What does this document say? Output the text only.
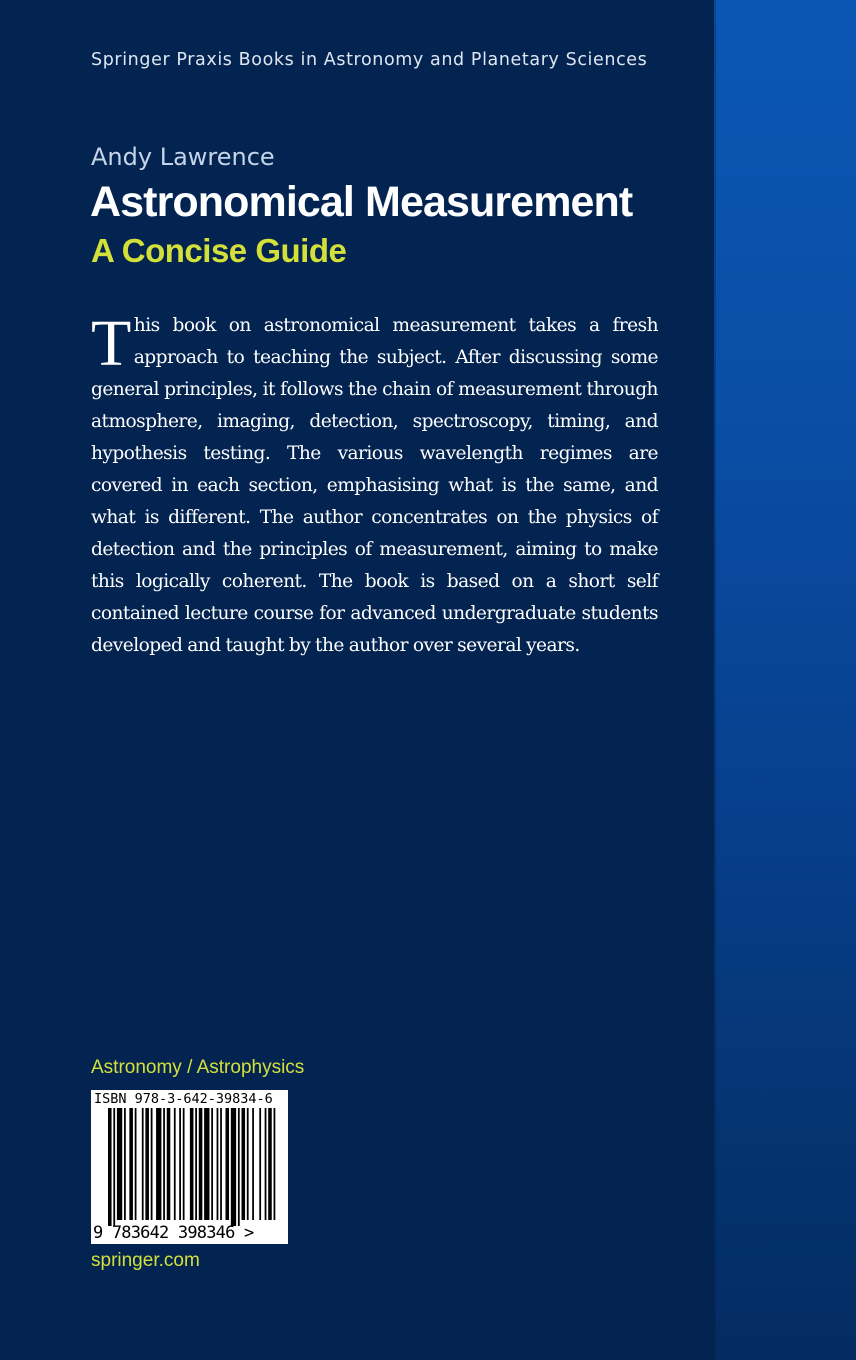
Springer Praxis Books in Astronomy and Planetary Sciences
Andy Lawrence
Astronomical Measurement
A Concise Guide
This book on astronomical measurement takes a fresh approach to teaching the subject. After discussing some general principles, it follows the chain of measurement through atmosphere, imaging, detection, spectroscopy, timing, and hypothesis testing. The various wavelength regimes are covered in each section, emphasising what is the same, and what is different. The author concentrates on the physics of detection and the principles of measurement, aiming to make this logically coherent. The book is based on a short self contained lecture course for advanced undergraduate students developed and taught by the author over several years.
Astronomy / Astrophysics
ISBN 978-3-642-39834-6
9 783642 398346 >
springer.com
